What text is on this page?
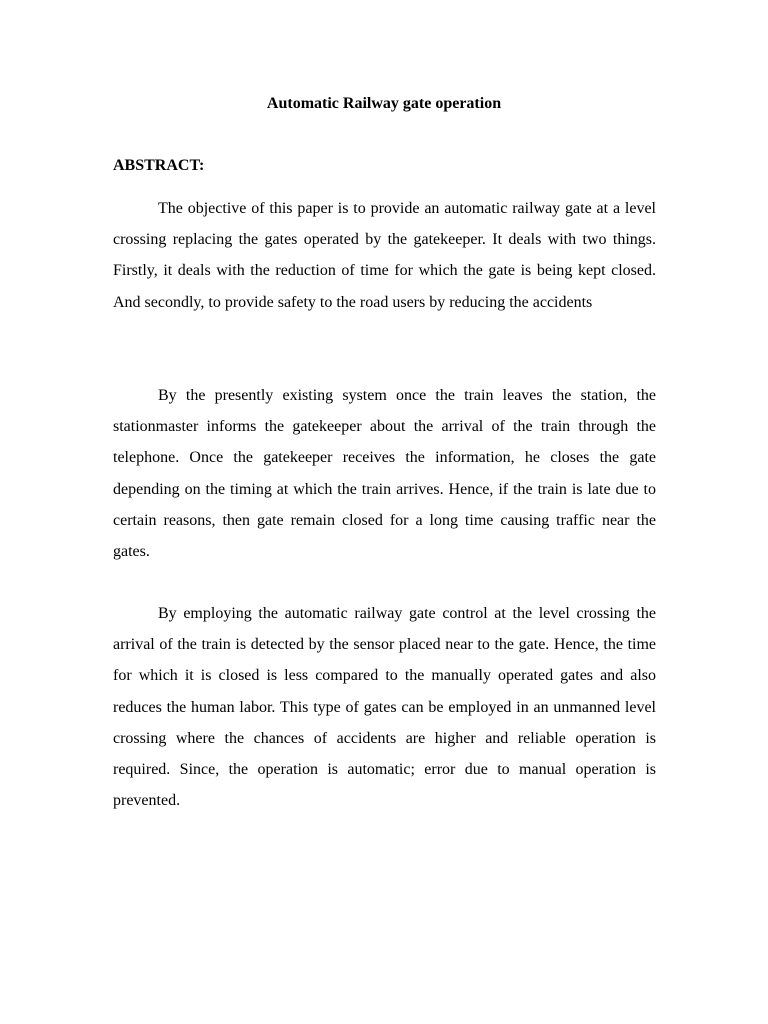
Automatic Railway gate operation
ABSTRACT:

The objective of this paper is to provide an automatic railway gate at a level crossing replacing the gates operated by the gatekeeper. It deals with two things. Firstly, it deals with the reduction of time for which the gate is being kept closed. And secondly, to provide safety to the road users by reducing the accidents

By the presently existing system once the train leaves the station, the stationmaster informs the gatekeeper about the arrival of the train through the telephone. Once the gatekeeper receives the information, he closes the gate depending on the timing at which the train arrives. Hence, if the train is late due to certain reasons, then gate remain closed for a long time causing traffic near the gates.

By employing the automatic railway gate control at the level crossing the arrival of the train is detected by the sensor placed near to the gate. Hence, the time for which it is closed is less compared to the manually operated gates and also reduces the human labor. This type of gates can be employed in an unmanned level crossing where the chances of accidents are higher and reliable operation is required. Since, the operation is automatic; error due to manual operation is prevented.
